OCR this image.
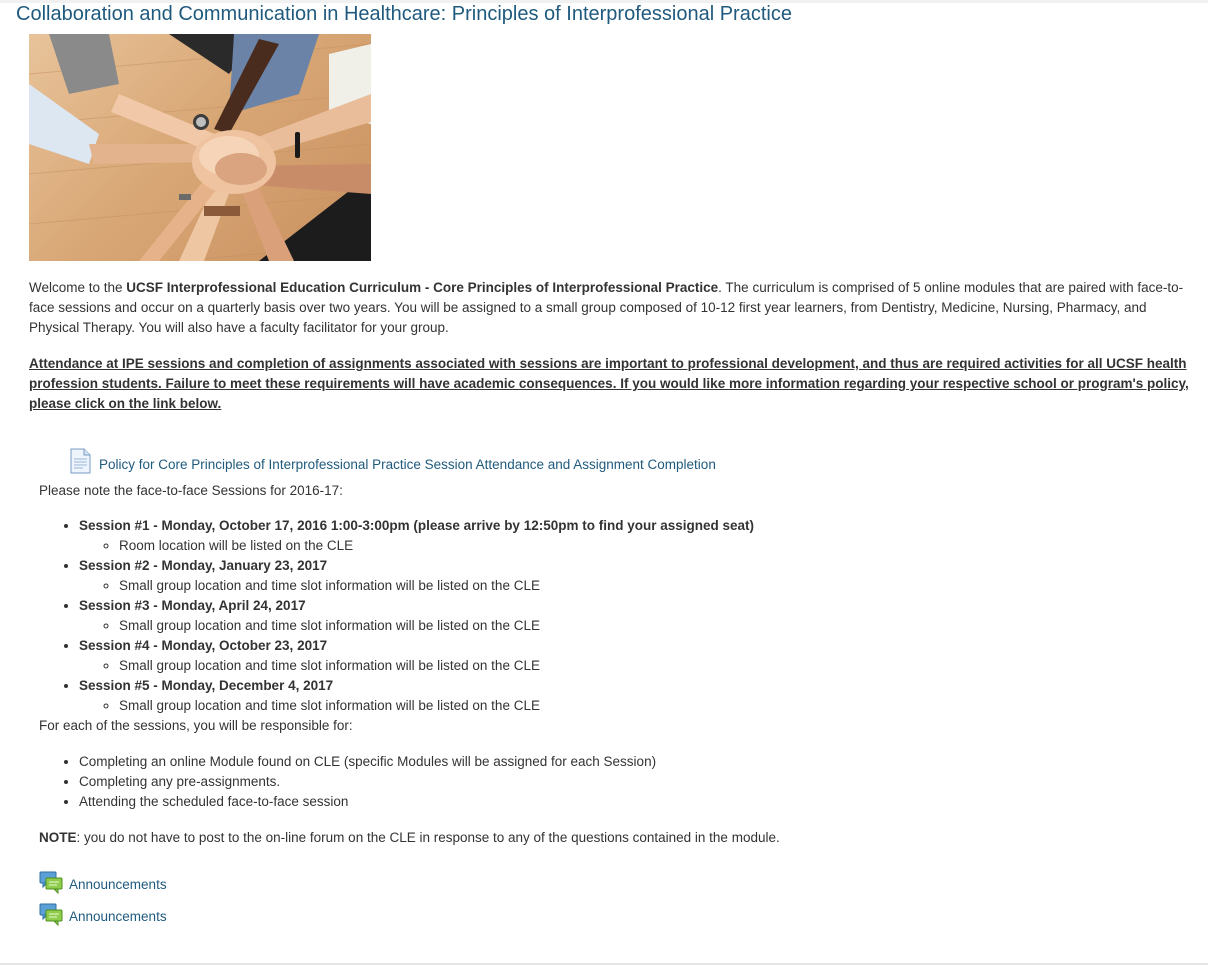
Collaboration and Communication in Healthcare: Principles of Interprofessional Practice

Welcome to the UCSF Interprofessional Education Curriculum - Core Principles of Interprofessional Practice. The curriculum is comprised of 5 online modules that are paired with face-to-face sessions and occur on a quarterly basis over two years. You will be assigned to a small group composed of 10-12 first year learners, from Dentistry, Medicine, Nursing, Pharmacy, and Physical Therapy. You will also have a faculty facilitator for your group.

Attendance at IPE sessions and completion of assignments associated with sessions are important to professional development, and thus are required activities for all UCSF health profession students. Failure to meet these requirements will have academic consequences. If you would like more information regarding your respective school or program's policy, please click on the link below.

Policy for Core Principles of Interprofessional Practice Session Attendance and Assignment Completion

Please note the face-to-face Sessions for 2016-17:

• Session #1 - Monday, October 17, 2016 1:00-3:00pm (please arrive by 12:50pm to find your assigned seat)
◦ Room location will be listed on the CLE
• Session #2 - Monday, January 23, 2017
◦ Small group location and time slot information will be listed on the CLE
• Session #3 - Monday, April 24, 2017
◦ Small group location and time slot information will be listed on the CLE
• Session #4 - Monday, October 23, 2017
◦ Small group location and time slot information will be listed on the CLE
• Session #5 - Monday, December 4, 2017
◦ Small group location and time slot information will be listed on the CLE

For each of the sessions, you will be responsible for:

• Completing an online Module found on CLE (specific Modules will be assigned for each Session)
• Completing any pre-assignments.
• Attending the scheduled face-to-face session

NOTE: you do not have to post to the on-line forum on the CLE in response to any of the questions contained in the module.

Announcements
Announcements
